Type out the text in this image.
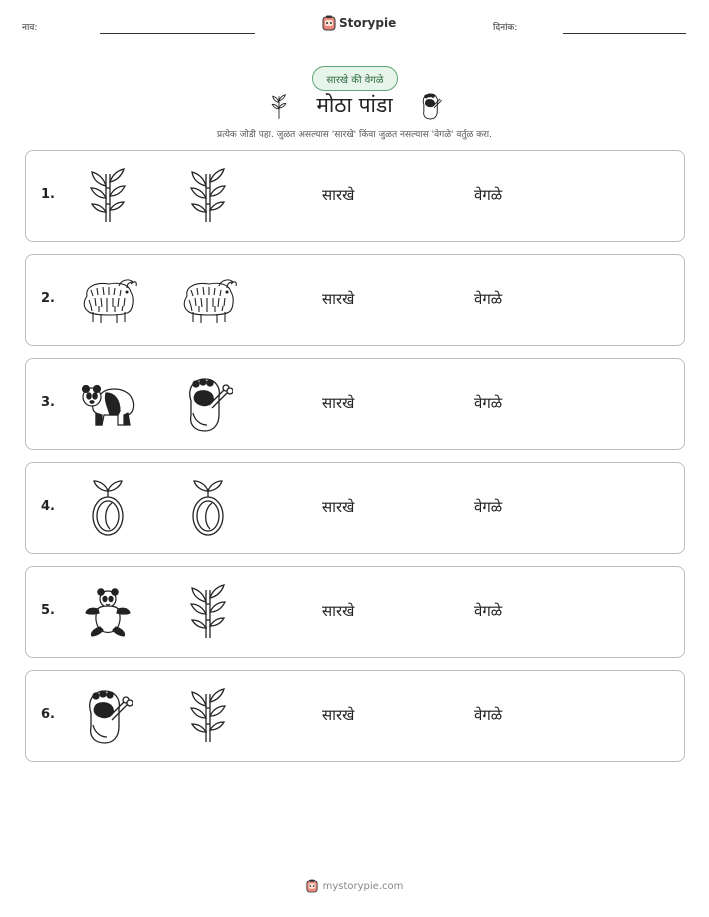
नाव:	Storypie	दिनांक:
सारखे की वेगळे
मोठा पांडा
प्रत्येक जोडी पहा. जुळत असल्यास 'सारखे' किंवा जुळत नसल्यास 'वेगळे' वर्तुळ करा.
1.	सारखे	वेगळे
2.	सारखे	वेगळे
3.	सारखे	वेगळे
4.	सारखे	वेगळे
5.	सारखे	वेगळे
6.	सारखे	वेगळे
mystorypie.com
